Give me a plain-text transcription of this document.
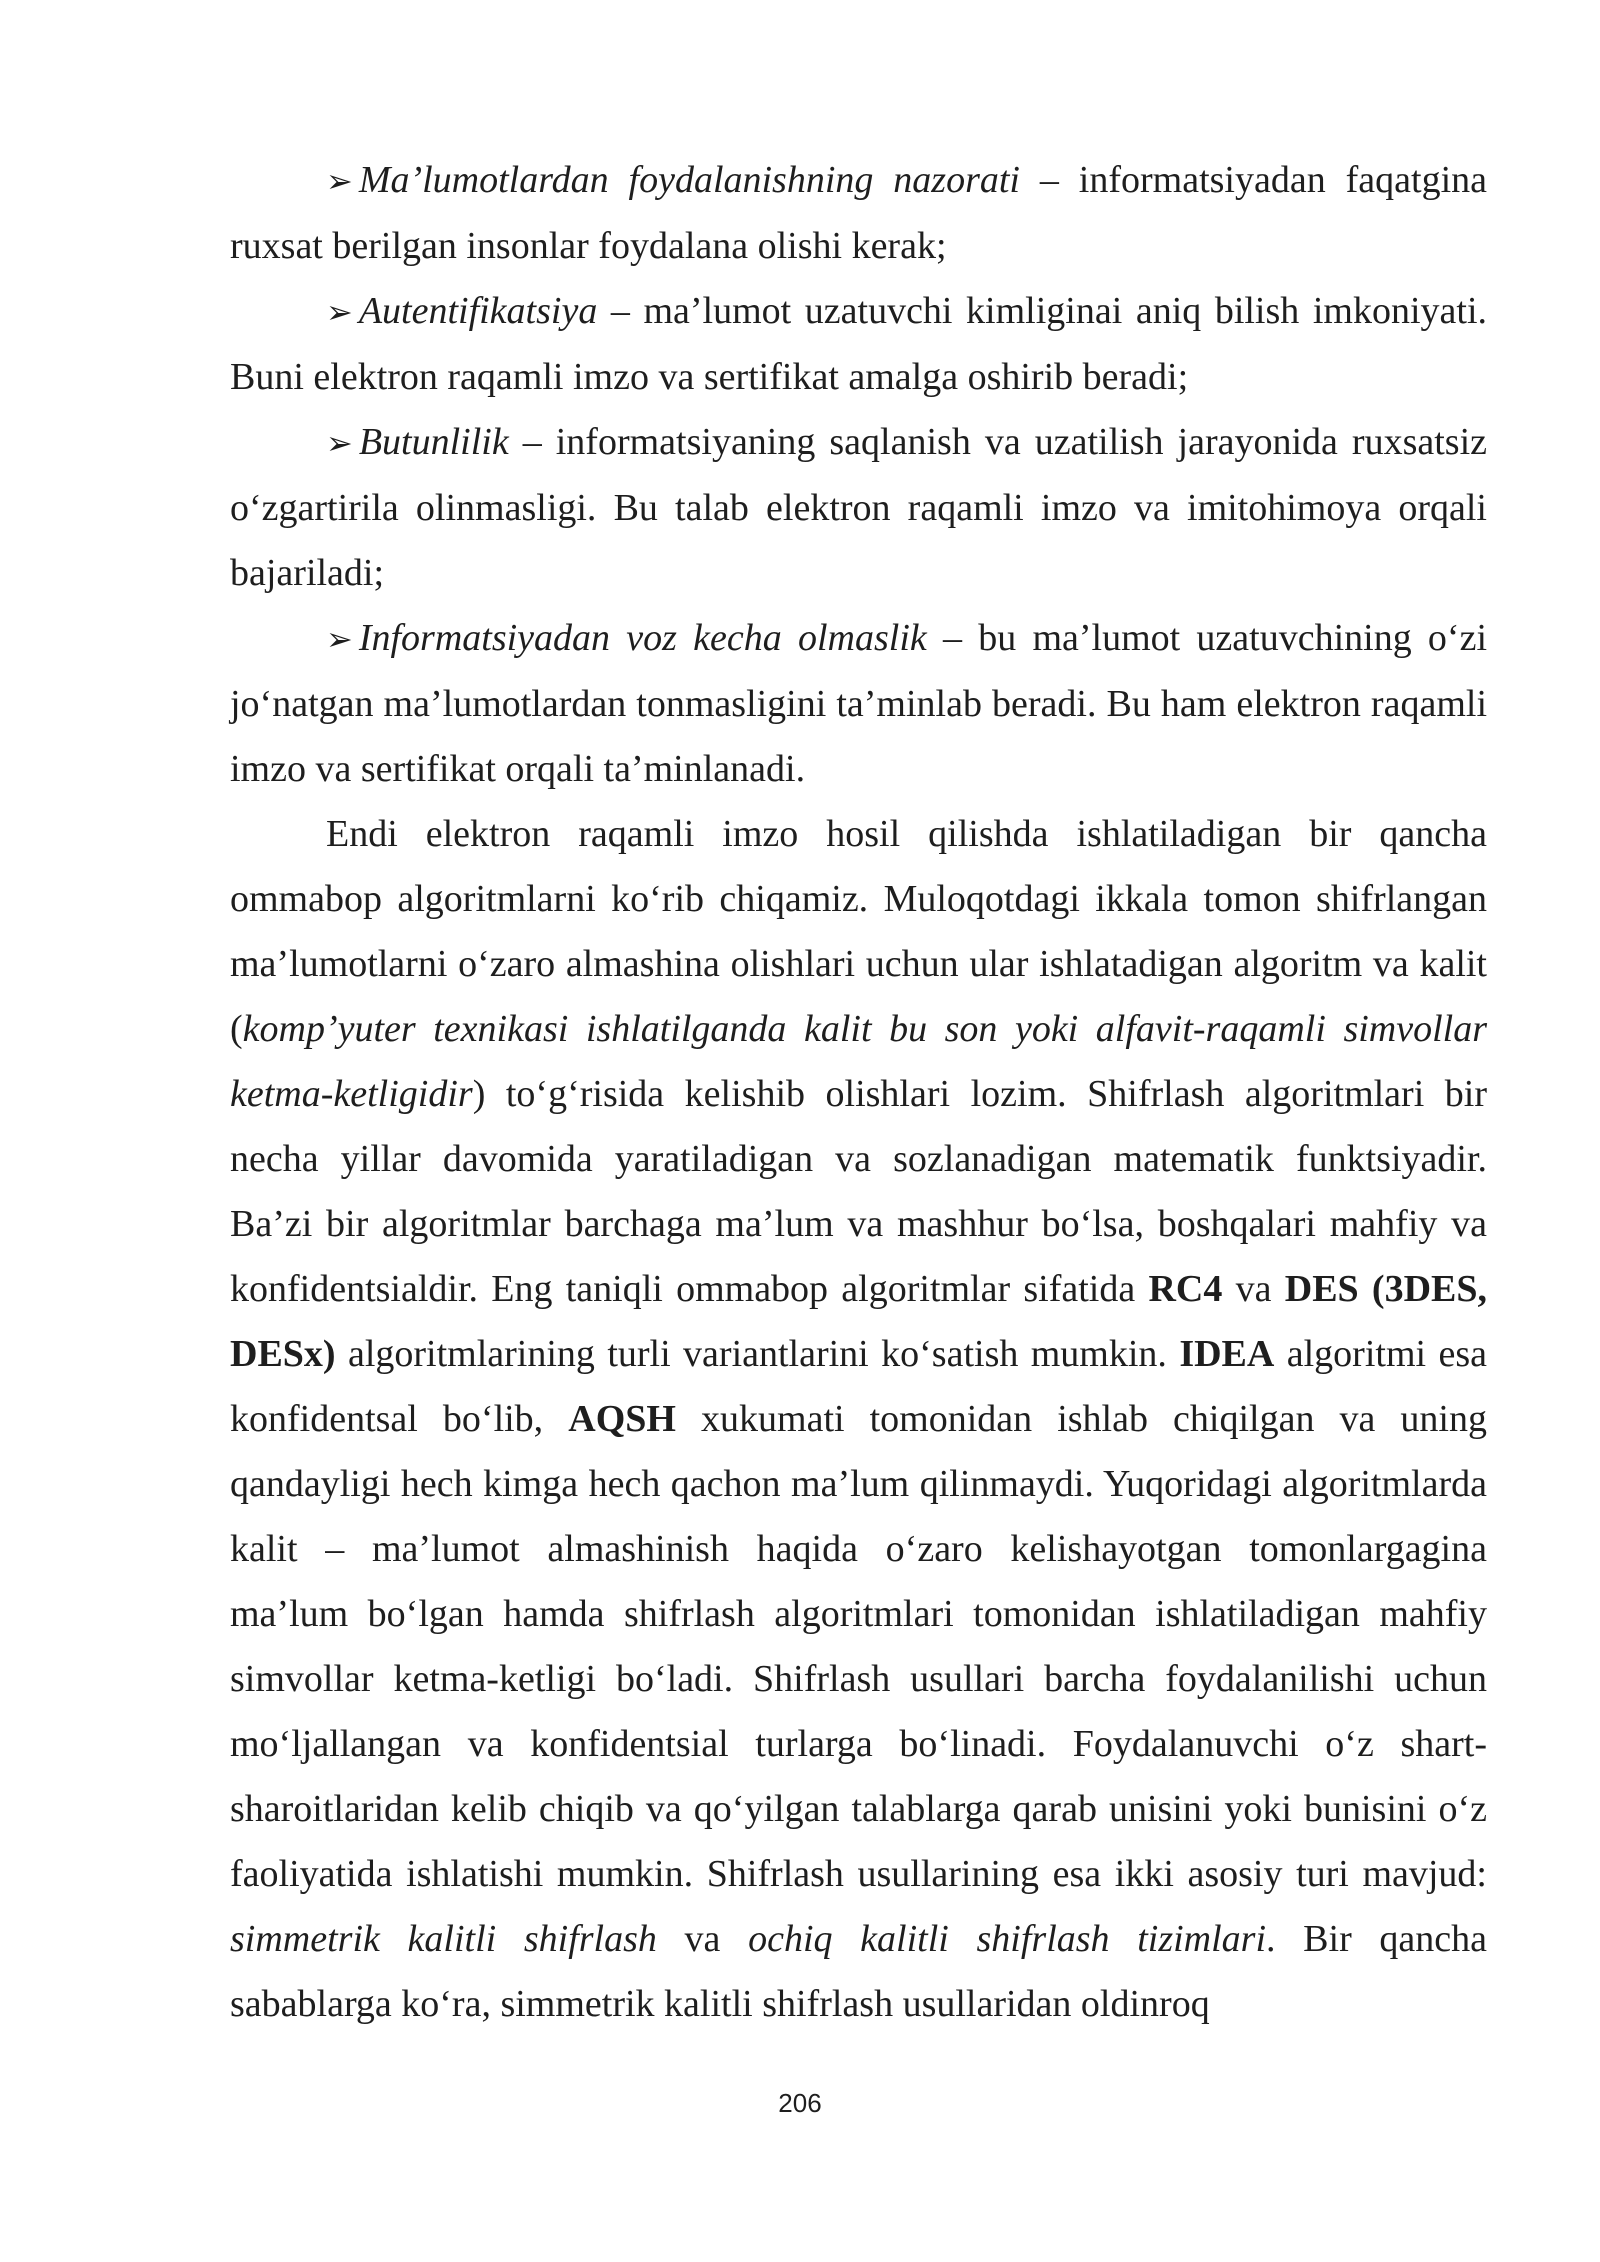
➢ Ma’lumotlardan foydalanishning nazorati – informatsiyadan faqatgina ruxsat berilgan insonlar foydalana olishi kerak;

➢ Autentifikatsiya – ma’lumot uzatuvchi kimliginai aniq bilish imkoniyati. Buni elektron raqamli imzo va sertifikat amalga oshirib beradi;

➢ Butunlilik – informatsiyaning saqlanish va uzatilish jarayonida ruxsatsiz o‘zgartirila olinmasligi. Bu talab elektron raqamli imzo va imitohimoya orqali bajariladi;

➢ Informatsiyadan voz kecha olmaslik – bu ma’lumot uzatuvchining o‘zi jo‘natgan ma’lumotlardan tonmasligini ta’minlab beradi. Bu ham elektron raqamli imzo va sertifikat orqali ta’minlanadi.

Endi elektron raqamli imzo hosil qilishda ishlatiladigan bir qancha ommabop algoritmlarni ko‘rib chiqamiz. Muloqotdagi ikkala tomon shifrlangan ma’lumotlarni o‘zaro almashina olishlari uchun ular ishlatadigan algoritm va kalit (komp’yuter texnikasi ishlatilganda kalit bu son yoki alfavit-raqamli simvollar ketma-ketligidir) to‘g‘risida kelishib olishlari lozim. Shifrlash algoritmlari bir necha yillar davomida yaratiladigan va sozlanadigan matematik funktsiyadir. Ba’zi bir algoritmlar barchaga ma’lum va mashhur bo‘lsa, boshqalari mahfiy va konfidentsialdir. Eng taniqli ommabop algoritmlar sifatida RC4 va DES (3DES, DESx) algoritmlarining turli variantlarini ko‘satish mumkin. IDEA algoritmi esa konfidentsal bo‘lib, AQSH xukumati tomonidan ishlab chiqilgan va uning qandayligi hech kimga hech qachon ma’lum qilinmaydi. Yuqoridagi algoritmlarda kalit – ma’lumot almashinish haqida o‘zaro kelishayotgan tomonlargagina ma’lum bo‘lgan hamda shifrlash algoritmlari tomonidan ishlatiladigan mahfiy simvollar ketma-ketligi bo‘ladi. Shifrlash usullari barcha foydalanilishi uchun mo‘ljallangan va konfidentsial turlarga bo‘linadi. Foydalanuvchi o‘z shart-sharoitlaridan kelib chiqib va qo‘yilgan talablarga qarab unisini yoki bunisini o‘z faoliyatida ishlatishi mumkin. Shifrlash usullarining esa ikki asosiy turi mavjud: simmetrik kalitli shifrlash va ochiq kalitli shifrlash tizimlari. Bir qancha sabablarga ko‘ra, simmetrik kalitli shifrlash usullaridan oldinroq

206
